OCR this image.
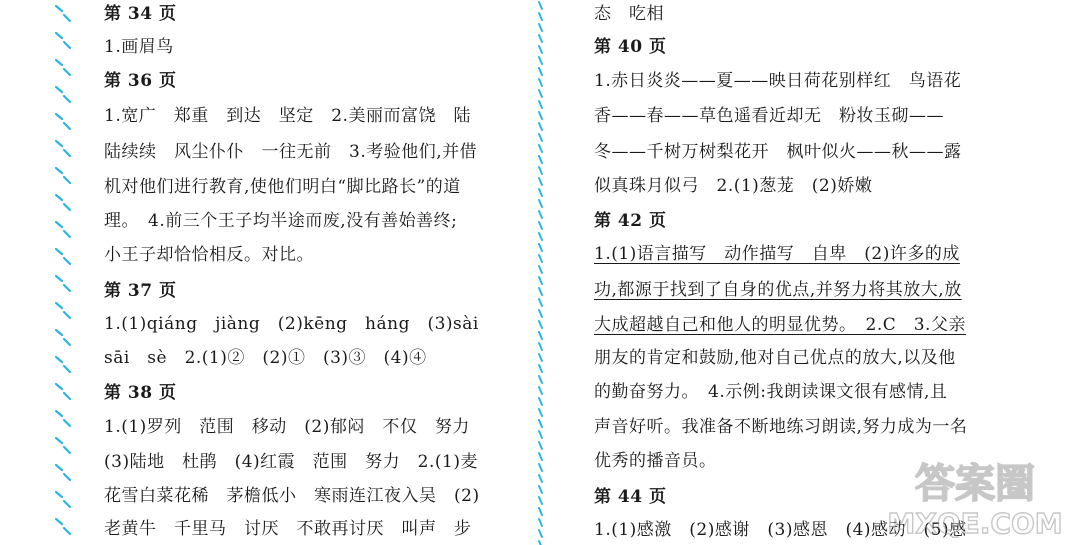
第 34 页
1.画眉鸟
第 36 页
1.宽广　郑重　到达　坚定　2.美丽而富饶　陆
陆续续　风尘仆仆　一往无前　3.考验他们,并借
机对他们进行教育,使他们明白“脚比路长”的道
理。　4.前三个王子均半途而废,没有善始善终;
小王子却恰恰相反。对比。
第 37 页
1.(1)qiáng　jiàng　(2)kēng　háng　(3)sài
sāi　sè　2.(1)②　(2)①　(3)③　(4)④
第 38 页
1.(1)罗列　范围　移动　(2)郁闷　不仅　努力
(3)陆地　杜鹃　(4)红霞　范围　努力　2.(1)麦
花雪白菜花稀　茅檐低小　寒雨连江夜入吴　(2)
老黄牛　千里马　讨厌　不敢再讨厌　叫声　步
态　吃相
第 40 页
1.赤日炎炎——夏——映日荷花别样红　鸟语花
香——春——草色遥看近却无　粉妆玉砌——
冬——千树万树梨花开　枫叶似火——秋——露
似真珠月似弓　2.(1)葱茏　(2)娇嫩
第 42 页
1.(1)语言描写　动作描写　自卑　(2)许多的成
功,都源于找到了自身的优点,并努力将其放大,放
大成超越自己和他人的明显优势。　2.C　3.父亲
朋友的肯定和鼓励,他对自己优点的放大,以及他
的勤奋努力。　4.示例:我朗读课文很有感情,且
声音好听。我准备不断地练习朗读,努力成为一名
优秀的播音员。
第 44 页
1.(1)感激　(2)感谢　(3)感恩　(4)感动　(5)感
答案圈
MXQE.COM
